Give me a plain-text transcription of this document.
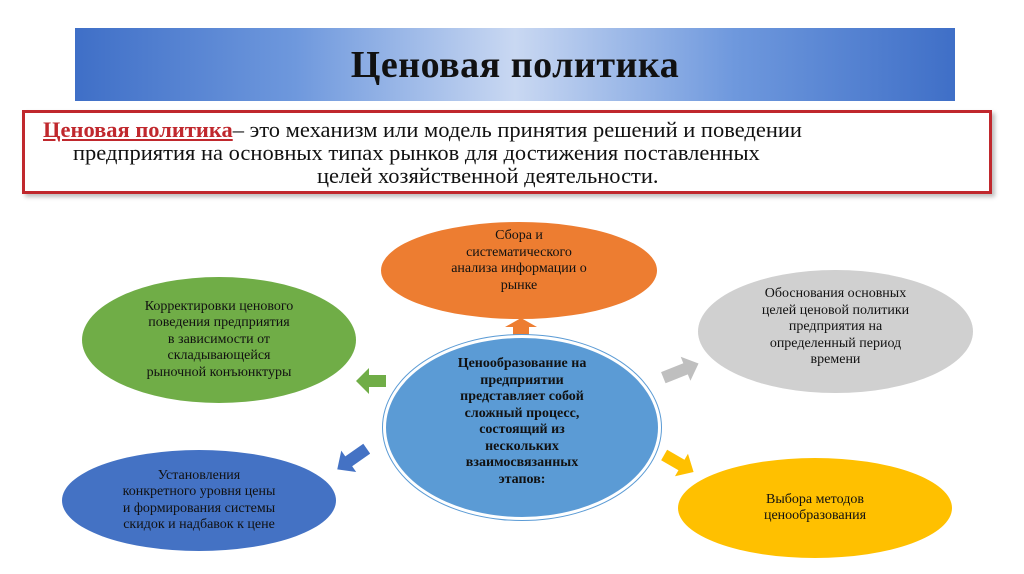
Ценовая политика
Ценовая политика– это механизм или модель принятия решений и поведении
предприятия на основных типах рынков для достижения поставленных
целей хозяйственной деятельности.
Сбора и
систематического
анализа информации о
рынке
Корректировки ценового
поведения предприятия
в зависимости от
складывающейся
рыночной конъюнктуры
Обоснования основных
целей ценовой политики
предприятия на
определенный период
времени
Ценообразование на
предприятии
представляет собой
сложный процесс,
состоящий из
нескольких
взаимосвязанных
этапов:
Установления
конкретного уровня цены
и формирования системы
скидок и надбавок к цене
Выбора методов
ценообразования
